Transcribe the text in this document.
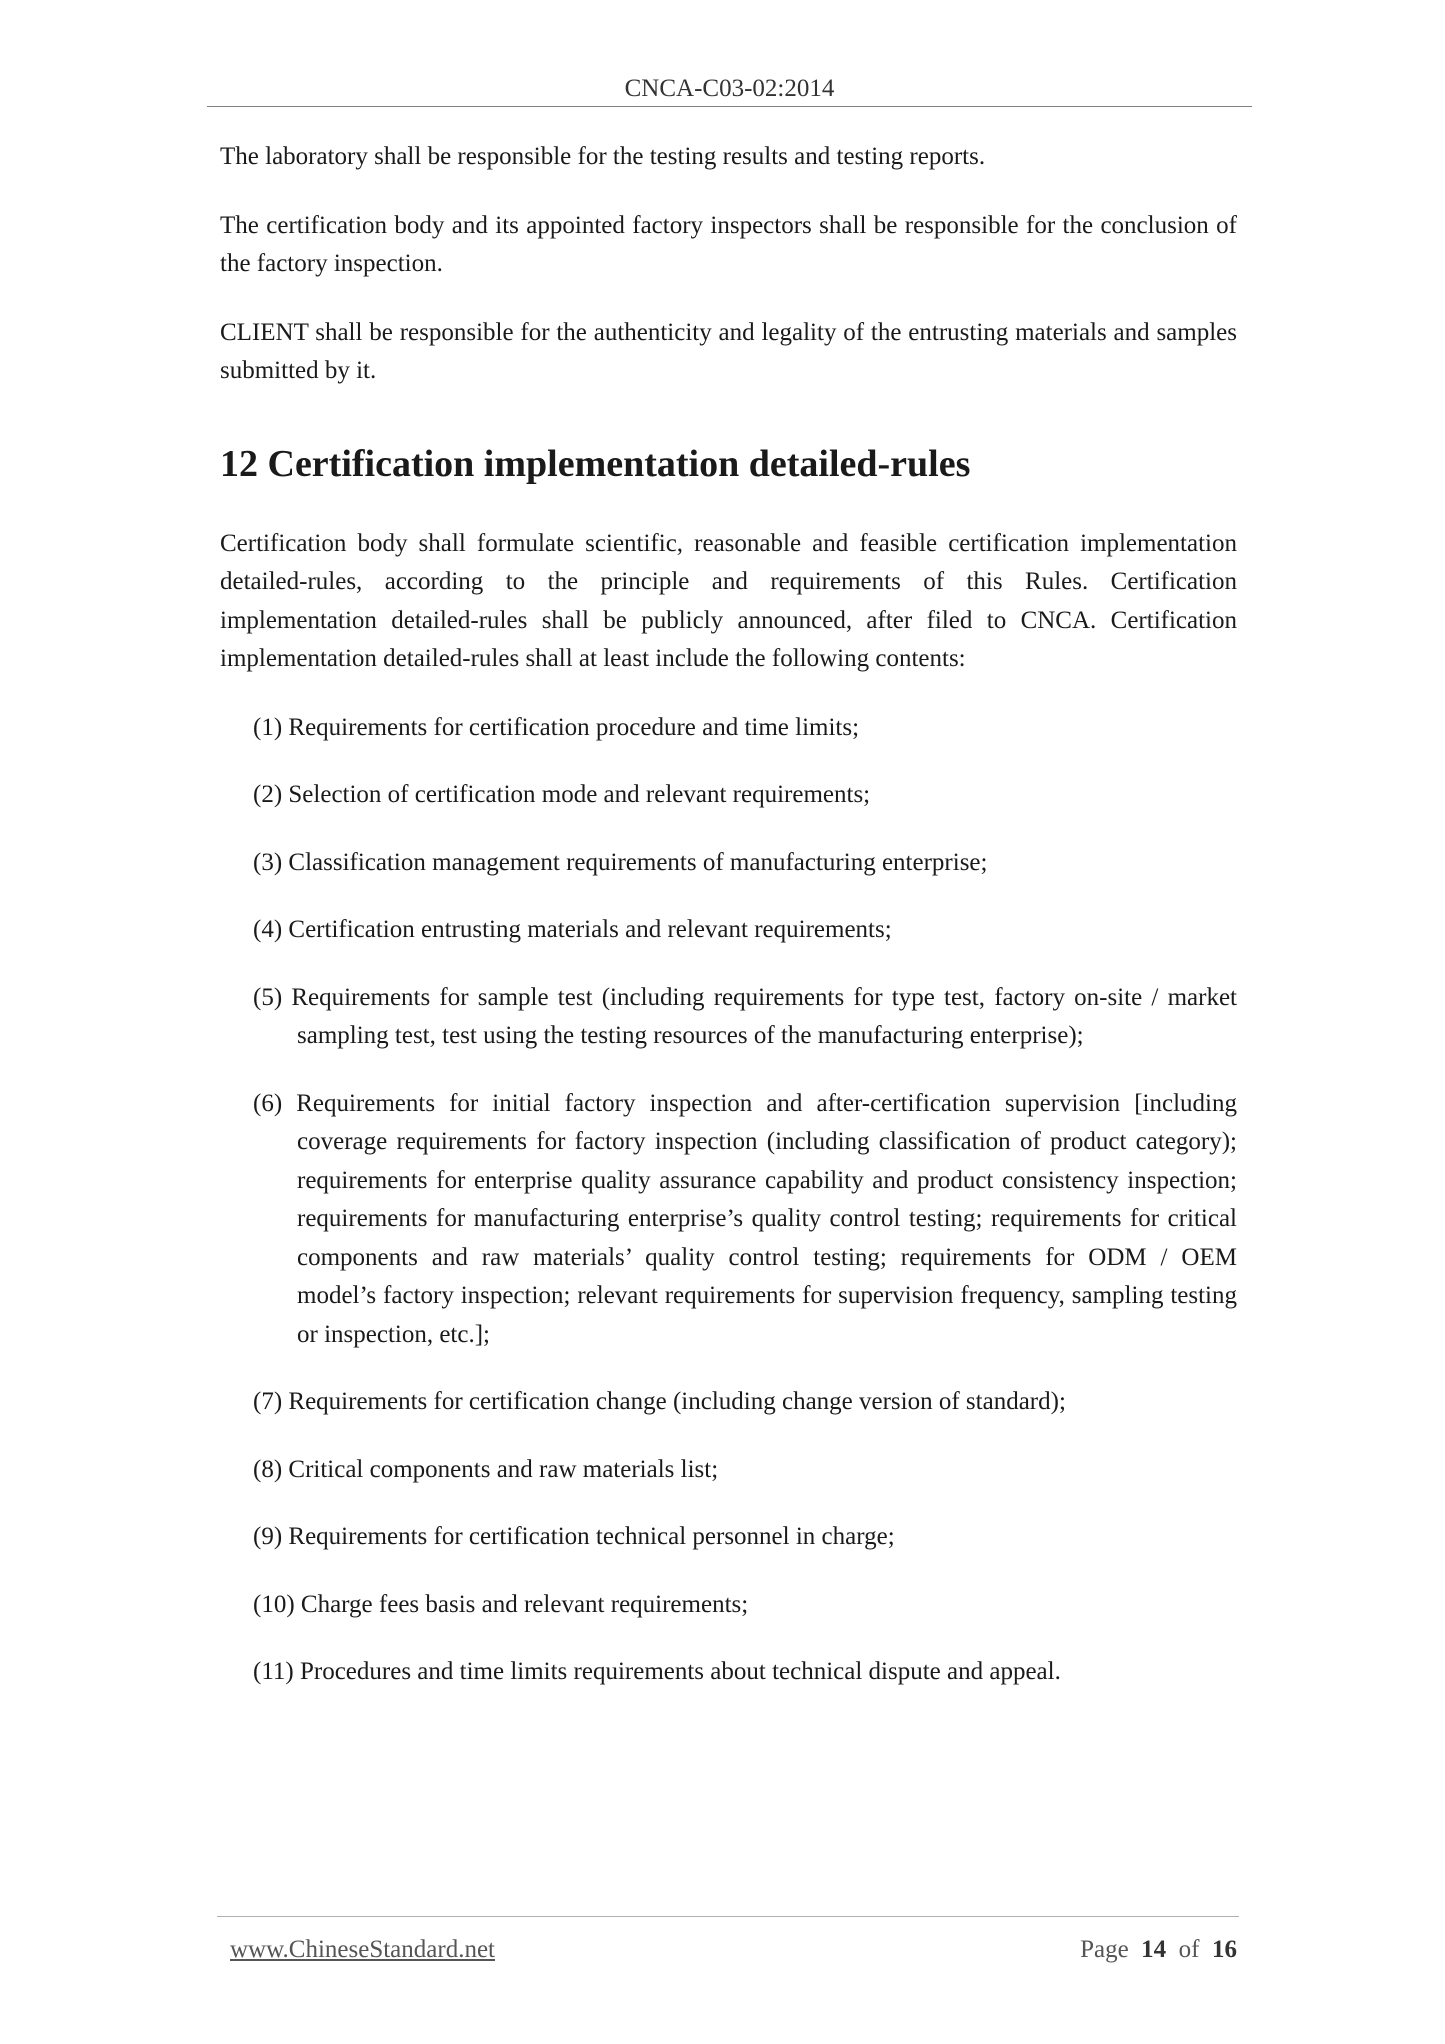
CNCA-C03-02:2014

The laboratory shall be responsible for the testing results and testing reports.

The certification body and its appointed factory inspectors shall be responsible for the conclusion of the factory inspection.

CLIENT shall be responsible for the authenticity and legality of the entrusting materials and samples submitted by it.

12 Certification implementation detailed-rules

Certification body shall formulate scientific, reasonable and feasible certification implementation detailed-rules, according to the principle and requirements of this Rules. Certification implementation detailed-rules shall be publicly announced, after filed to CNCA. Certification implementation detailed-rules shall at least include the following contents:

(1) Requirements for certification procedure and time limits;
(2) Selection of certification mode and relevant requirements;
(3) Classification management requirements of manufacturing enterprise;
(4) Certification entrusting materials and relevant requirements;
(5) Requirements for sample test (including requirements for type test, factory on-site / market sampling test, test using the testing resources of the manufacturing enterprise);
(6) Requirements for initial factory inspection and after-certification supervision [including coverage requirements for factory inspection (including classification of product category); requirements for enterprise quality assurance capability and product consistency inspection; requirements for manufacturing enterprise’s quality control testing; requirements for critical components and raw materials’ quality control testing; requirements for ODM / OEM model’s factory inspection; relevant requirements for supervision frequency, sampling testing or inspection, etc.];
(7) Requirements for certification change (including change version of standard);
(8) Critical components and raw materials list;
(9) Requirements for certification technical personnel in charge;
(10) Charge fees basis and relevant requirements;
(11) Procedures and time limits requirements about technical dispute and appeal.
www.ChineseStandard.net	Page 14 of 16
